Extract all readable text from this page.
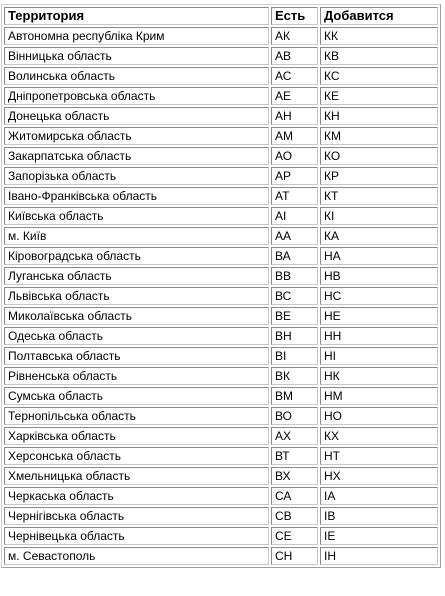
Территория	Есть	Добавится
Автономна республіка Крим	АК	КК
Вінницька область	АВ	КВ
Волинська область	АС	КС
Дніпропетровська область	АЕ	КЕ
Донецька область	АН	КН
Житомирська область	АМ	КМ
Закарпатська область	АО	КО
Запорізька область	АР	КР
Івано-Франківська область	АТ	КТ
Київська область	АІ	КІ
м. Київ	АА	КА
Кіровоградська область	ВА	НА
Луганська область	ВВ	НВ
Львівська область	ВС	НС
Миколаївська область	ВЕ	НЕ
Одеська область	ВН	НН
Полтавська область	ВІ	НІ
Рівненська область	ВК	НК
Сумська область	ВМ	НМ
Тернопільська область	ВО	НО
Харківська область	АХ	КХ
Херсонська область	ВТ	НТ
Хмельницька область	ВХ	НХ
Черкаська область	СА	ІА
Чернігівська область	СВ	ІВ
Чернівецька область	СЕ	ІЕ
м. Севастополь	СН	ІН
